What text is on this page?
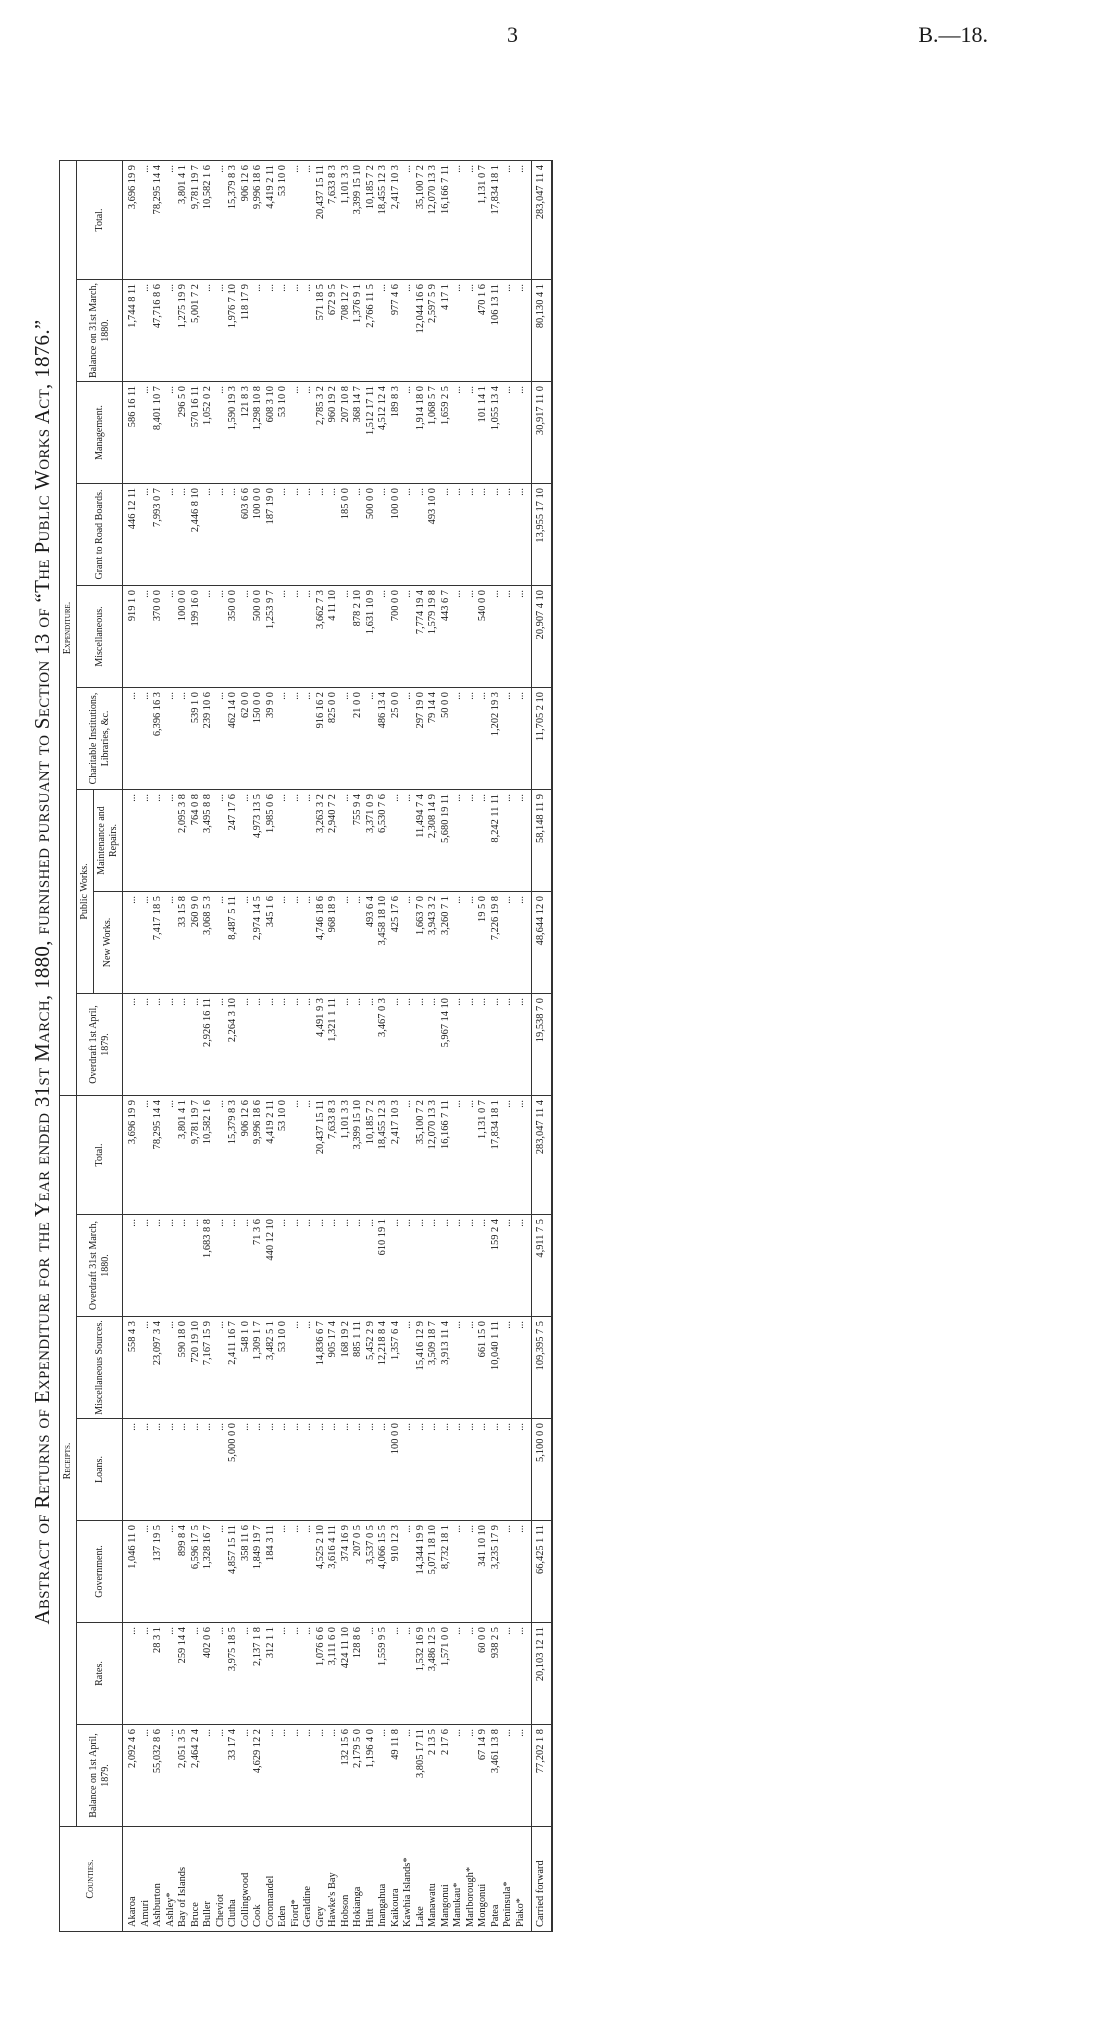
3	B.—18.
Abstract of Returns of Expenditure for the Year ended 31st March, 1880, furnished pursuant to Section 13 of “The Public Works Act, 1876.”
Counties.	Receipts.							Expenditure.								
	Balance on 1st April, 1879.	Rates.	Government.	Loans.	Miscellaneous Sources.	Overdraft 31st March, 1880.	Total.	Overdraft 1st April, 1879.	Public Works.		Charitable Institutions, Libraries, &c.	Miscellaneous.	Grant to Road Boards.	Management.	Balance on 31st March, 1880.	Total.
									New Works.	Maintenance and Repairs.						
Akaroa	2,092 4 6	...	1,046 11 0	...	558 4 3	...	3,696 19 9	...	...	...	...	919 1 0	446 12 11	586 16 11	1,744 8 11	3,696 19 9
Amuri	...	...	...	...	...	...	...	...	...	...	...	...	...	...	...	...
Ashburton	55,032 8 6	28 3 1	137 19 5	...	23,097 3 4	...	78,295 14 4	...	7,417 18 5	...	6,396 16 3	370 0 0	7,993 0 7	8,401 10 7	47,716 8 6	78,295 14 4
Ashley*	...	...	...	...	...	...	...	...	...	...	...	...	...	...	...	...
Bay of Islands	2,051 3 5	259 14 4	899 8 4	...	590 18 0	...	3,801 4 1	...	33 15 8	2,095 3 8	...	100 0 0	...	296 5 0	1,275 19 9	3,801 4 1
Bruce	2,464 2 4	...	6,596 17 5	...	720 19 10	...	9,781 19 7	...	260 9 0	764 0 8	539 1 0	199 16 0	2,446 8 10	570 16 11	5,001 7 2	9,781 19 7
Buller	...	402 0 6	1,328 16 7	...	7,167 15 9	1,683 8 8	10,582 1 6	2,926 16 11	3,068 5 3	3,495 8 8	239 10 6	...	...	1,052 0 2	...	10,582 1 6
Cheviot	...	...	...	...	...	...	...	...	...	...	...	...	...	...	...	...
Clutha	33 17 4	3,975 18 5	4,857 15 11	5,000 0 0	2,411 16 7	...	15,379 8 3	2,264 3 10	8,487 5 11	247 17 6	462 14 0	350 0 0	...	1,590 19 3	1,976 7 10	15,379 8 3
Collingwood	...	...	358 11 6	...	548 1 0	...	906 12 6	...	...	...	62 0 0	...	603 6 6	121 8 3	118 17 9	906 12 6
Cook	4,629 12 2	2,137 1 8	1,849 19 7	...	1,309 1 7	71 3 6	9,996 18 6	...	2,974 14 5	4,973 13 5	150 0 0	500 0 0	100 0 0	1,298 10 8	...	9,996 18 6
Coromandel	...	312 1 1	184 3 11	...	3,482 5 1	440 12 10	4,419 2 11	...	345 1 6	1,985 0 6	39 9 0	1,253 9 7	187 19 0	608 3 10	...	4,419 2 11
Eden	...	...	...	...	53 10 0	...	53 10 0	...	...	...	...	...	...	53 10 0	...	53 10 0
Fiord*	...	...	...	...	...	...	...	...	...	...	...	...	...	...	...	...
Geraldine	...	...	...	...	...	...	...	...	...	...	...	...	...	...	...	...
Grey	...	1,076 6 6	4,525 2 10	...	14,836 6 7	...	20,437 15 11	4,491 9 3	4,746 18 6	3,263 3 2	916 16 2	3,662 7 3	...	2,785 3 2	571 18 5	20,437 15 11
Hawke's Bay	...	3,111 6 0	3,616 4 11	...	905 17 4	...	7,633 8 3	1,321 1 11	968 18 9	2,940 7 2	825 0 0	4 11 10	...	960 19 2	672 9 5	7,633 8 3
Hobson	132 15 6	424 11 10	374 16 9	...	168 19 2	...	1,101 3 3	...	...	...	...	...	185 0 0	207 10 8	708 12 7	1,101 3 3
Hokianga	2,179 5 0	128 8 6	207 0 5	...	885 1 11	...	3,399 15 10	...	...	755 9 4	21 0 0	878 2 10	...	368 14 7	1,376 9 1	3,399 15 10
Hutt	1,196 4 0	...	3,537 0 5	...	5,452 2 9	...	10,185 7 2	...	493 6 4	3,371 0 9	...	1,631 10 9	500 0 0	1,512 17 11	2,766 11 5	10,185 7 2
Inangahua	...	1,559 9 5	4,066 15 5	...	12,218 8 4	610 19 1	18,455 12 3	3,467 0 3	3,458 18 10	6,530 7 6	486 13 4	...	...	4,512 12 4	...	18,455 12 3
Kaikoura	49 11 8	...	910 12 3	100 0 0	1,357 6 4	...	2,417 10 3	...	425 17 6	...	25 0 0	700 0 0	100 0 0	189 8 3	977 4 6	2,417 10 3
Kawhia Islands*	...	...	...	...	...	...	...	...	...	...	...	...	...	...	...	...
Lake	3,805 17 11	1,532 16 9	14,344 19 9	...	15,416 12 9	...	35,100 7 2	...	1,663 7 0	11,494 7 4	297 19 0	7,774 19 4	...	1,914 18 0	12,044 16 6	35,100 7 2
Manawatu	2 13 5	3,486 12 5	5,071 18 10	...	3,509 18 7	...	12,070 13 3	...	3,943 3 2	2,308 14 9	79 14 4	1,579 19 8	493 10 0	1,068 5 7	2,597 5 9	12,070 13 3
Mangonui	2 17 6	1,571 0 0	8,732 18 1	...	3,913 11 4	...	16,166 7 11	5,967 14 10	3,260 7 1	5,680 19 11	50 0 0	443 6 7	...	1,659 2 5	4 17 1	16,166 7 11
Manukau*	...	...	...	...	...	...	...	...	...	...	...	...	...	...	...	...
Marlborough*	...	...	...	...	...	...	...	...	...	...	...	...	...	...	...	...
Mongonui	67 14 9	60 0 0	341 10 10	...	661 15 0	...	1,131 0 7	...	19 5 0	...	...	540 0 0	...	101 14 1	470 1 6	1,131 0 7
Patea	3,461 13 8	938 2 5	3,235 17 9	...	10,040 1 11	159 2 4	17,834 18 1	...	7,226 19 8	8,242 11 11	1,202 19 3	...	...	1,055 13 4	106 13 11	17,834 18 1
Peninsula*	...	...	...	...	...	...	...	...	...	...	...	...	...	...	...	...
Piako*	...	...	...	...	...	...	...	...	...	...	...	...	...	...	...	...
Carried forward	77,202 1 8	20,103 12 11	66,425 1 11	5,100 0 0	109,395 7 5	4,911 7 5	283,047 11 4	19,538 7 0	48,644 12 0	58,148 11 9	11,705 2 10	20,907 4 10	13,955 17 10	30,917 11 0	80,130 4 1	283,047 11 4
